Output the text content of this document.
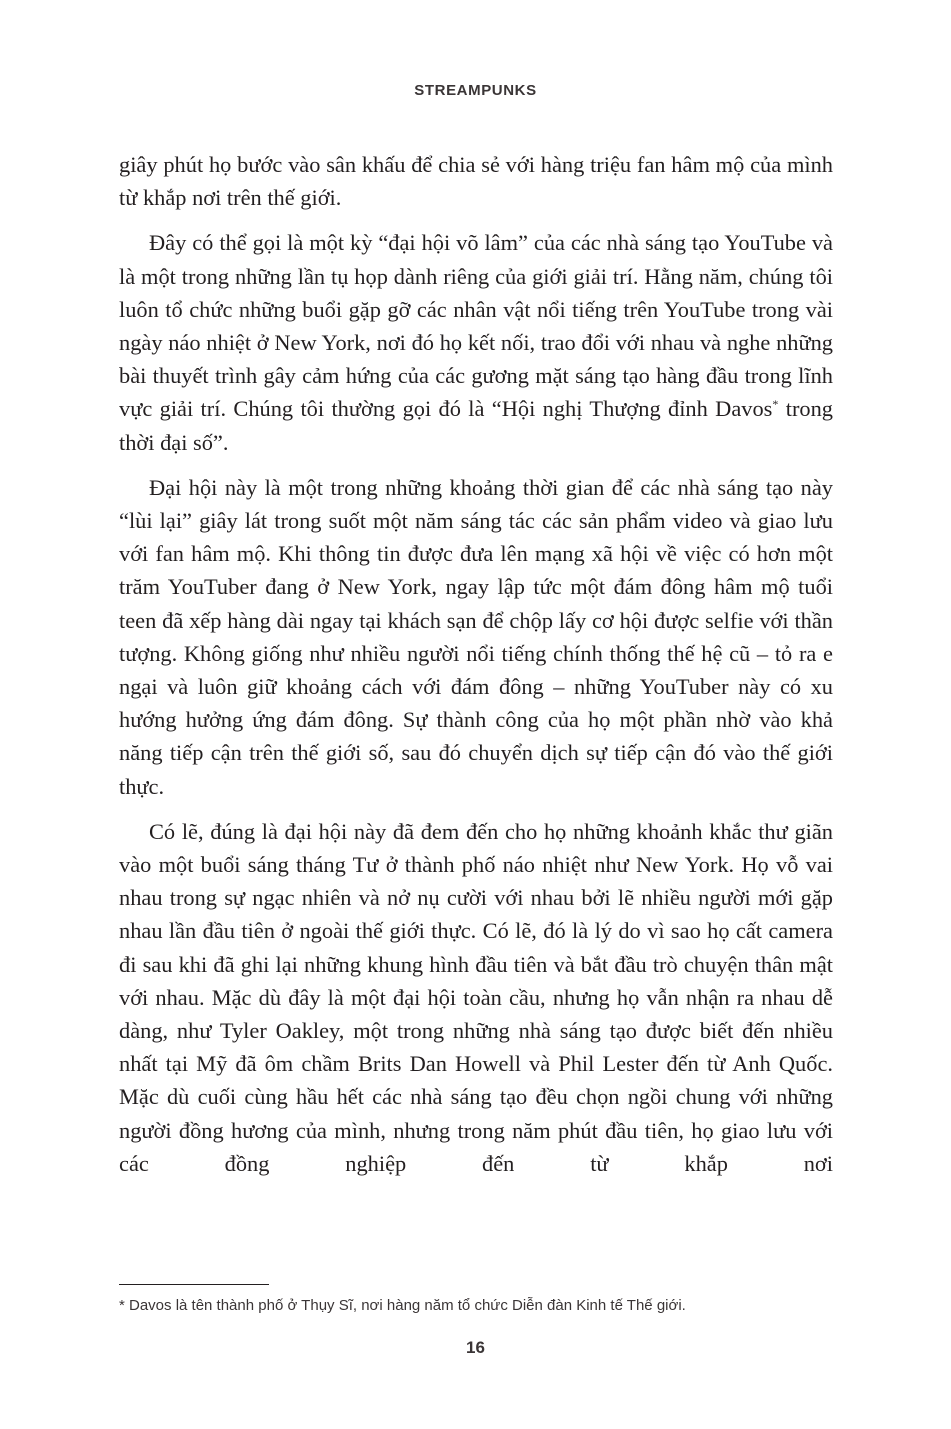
STREAMPUNKS

giây phút họ bước vào sân khấu để chia sẻ với hàng triệu fan hâm mộ của mình từ khắp nơi trên thế giới.

Đây có thể gọi là một kỳ “đại hội võ lâm” của các nhà sáng tạo YouTube và là một trong những lần tụ họp dành riêng của giới giải trí. Hằng năm, chúng tôi luôn tổ chức những buổi gặp gỡ các nhân vật nổi tiếng trên YouTube trong vài ngày náo nhiệt ở New York, nơi đó họ kết nối, trao đổi với nhau và nghe những bài thuyết trình gây cảm hứng của các gương mặt sáng tạo hàng đầu trong lĩnh vực giải trí. Chúng tôi thường gọi đó là “Hội nghị Thượng đỉnh Davos* trong thời đại số”.

Đại hội này là một trong những khoảng thời gian để các nhà sáng tạo này “lùi lại” giây lát trong suốt một năm sáng tác các sản phẩm video và giao lưu với fan hâm mộ. Khi thông tin được đưa lên mạng xã hội về việc có hơn một trăm YouTuber đang ở New York, ngay lập tức một đám đông hâm mộ tuổi teen đã xếp hàng dài ngay tại khách sạn để chộp lấy cơ hội được selfie với thần tượng. Không giống như nhiều người nổi tiếng chính thống thế hệ cũ – tỏ ra e ngại và luôn giữ khoảng cách với đám đông – những YouTuber này có xu hướng hưởng ứng đám đông. Sự thành công của họ một phần nhờ vào khả năng tiếp cận trên thế giới số, sau đó chuyển dịch sự tiếp cận đó vào thế giới thực.

Có lẽ, đúng là đại hội này đã đem đến cho họ những khoảnh khắc thư giãn vào một buổi sáng tháng Tư ở thành phố náo nhiệt như New York. Họ vỗ vai nhau trong sự ngạc nhiên và nở nụ cười với nhau bởi lẽ nhiều người mới gặp nhau lần đầu tiên ở ngoài thế giới thực. Có lẽ, đó là lý do vì sao họ cất camera đi sau khi đã ghi lại những khung hình đầu tiên và bắt đầu trò chuyện thân mật với nhau. Mặc dù đây là một đại hội toàn cầu, nhưng họ vẫn nhận ra nhau dễ dàng, như Tyler Oakley, một trong những nhà sáng tạo được biết đến nhiều nhất tại Mỹ đã ôm chầm Brits Dan Howell và Phil Lester đến từ Anh Quốc. Mặc dù cuối cùng hầu hết các nhà sáng tạo đều chọn ngồi chung với những người đồng hương của mình, nhưng trong năm phút đầu tiên, họ giao lưu với các đồng nghiệp đến từ khắp nơi

* Davos là tên thành phố ở Thụy Sĩ, nơi hàng năm tổ chức Diễn đàn Kinh tế Thế giới.
16
